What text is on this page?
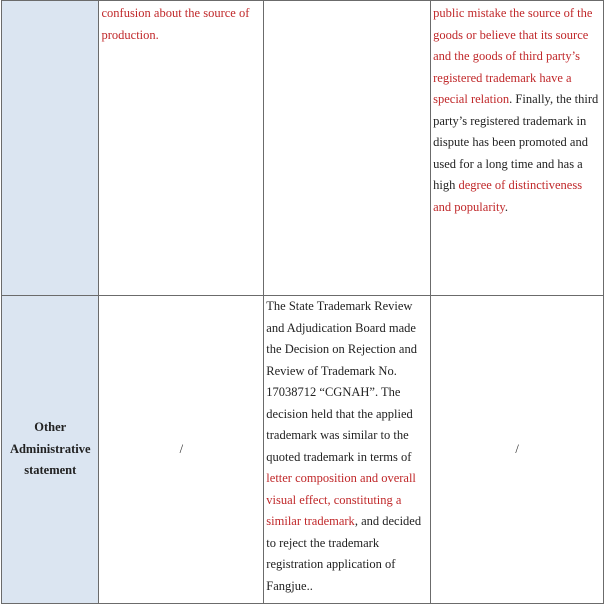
	confusion about the source of production.		public mistake the source of the goods or believe that its source and the goods of third party’s registered trademark have a special relation. Finally, the third party’s registered trademark in dispute has been promoted and used for a long time and has a high degree of distinctiveness and popularity.

Other Administrative statement	/	The State Trademark Review and Adjudication Board made the Decision on Rejection and Review of Trademark No. 17038712 “CGNAH”. The decision held that the applied trademark was similar to the quoted trademark in terms of letter composition and overall visual effect, constituting a similar trademark, and decided to reject the trademark registration application of Fangjue..	/
